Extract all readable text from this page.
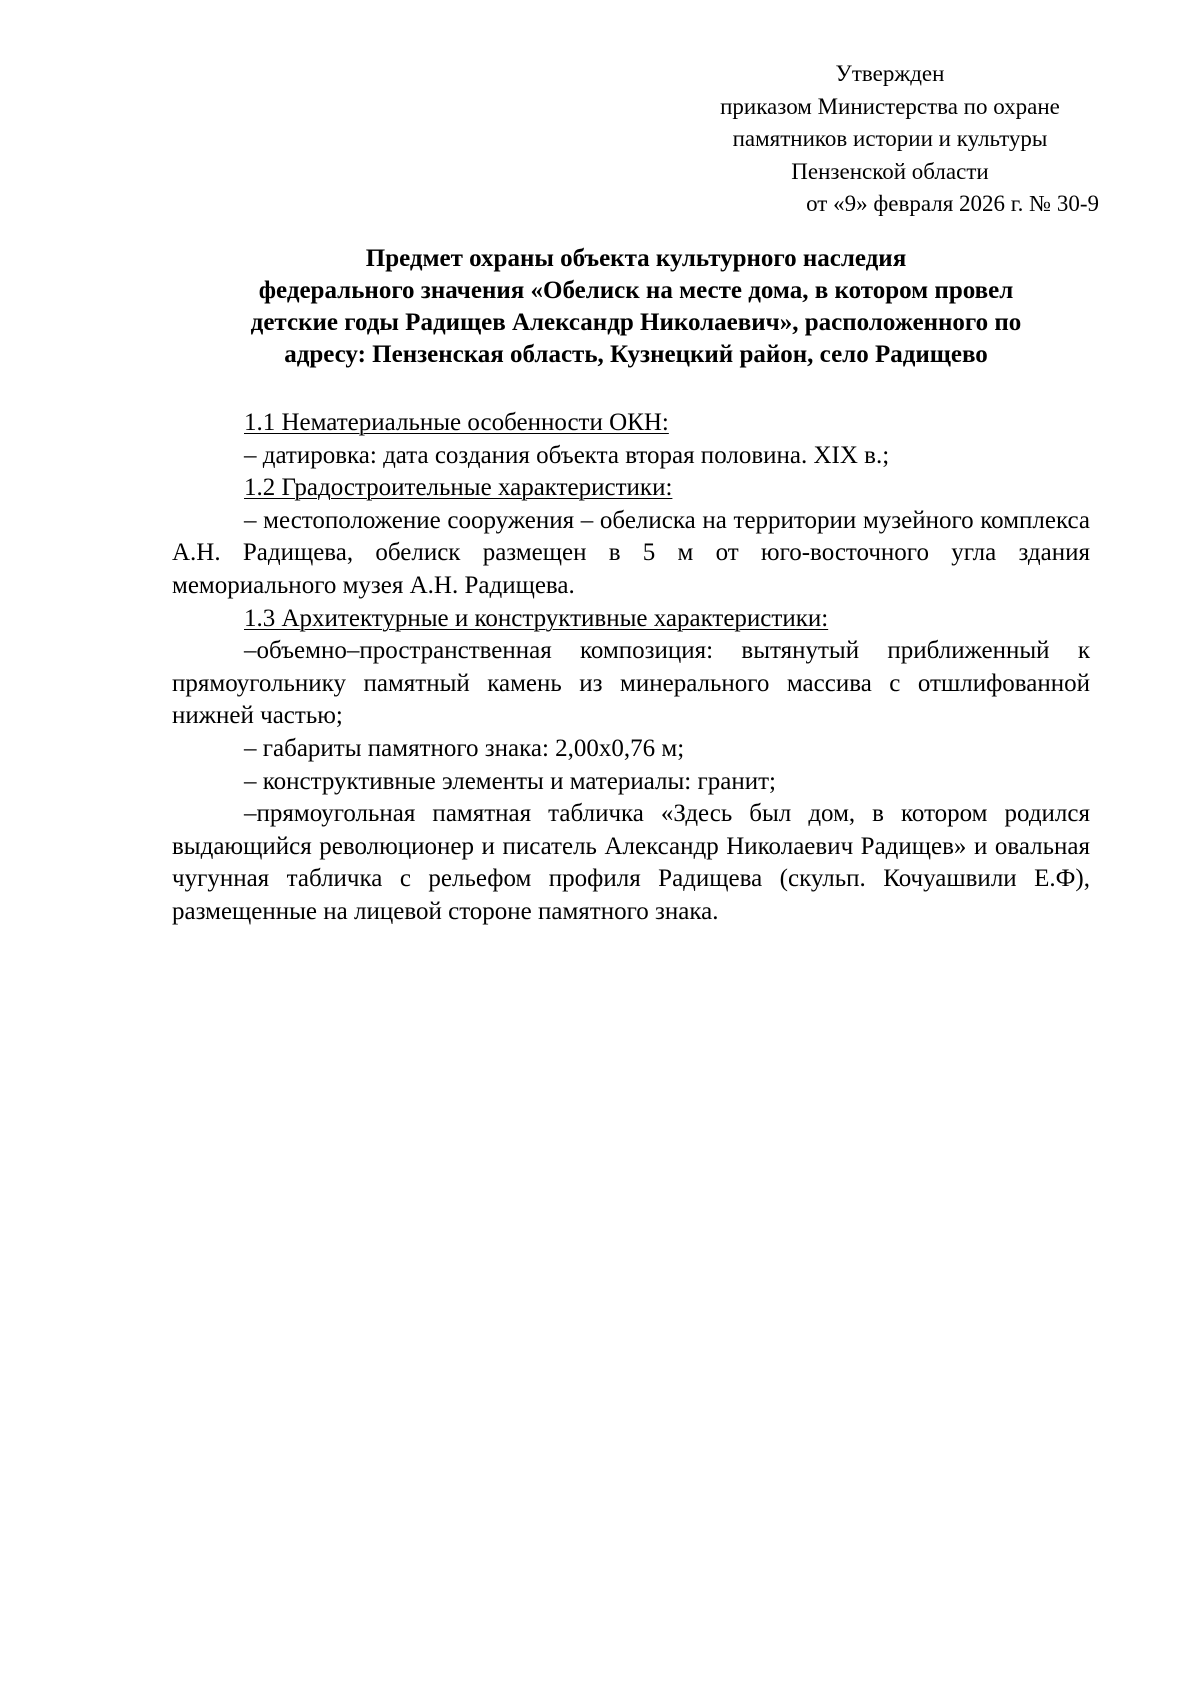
Утвержден
приказом Министерства по охране
памятников истории и культуры
Пензенской области
от «9» февраля 2026 г. № 30-9
Предмет охраны объекта культурного наследия
федерального значения «Обелиск на месте дома, в котором провел
детские годы Радищев Александр Николаевич», расположенного по
адресу: Пензенская область, Кузнецкий район, село Радищево

1.1 Нематериальные особенности ОКН:

– датировка: дата создания объекта вторая половина. XIX в.;

1.2 Градостроительные характеристики:

– местоположение сооружения – обелиска на территории музейного комплекса А.Н. Радищева, обелиск размещен в 5 м от юго-восточного угла здания мемориального музея А.Н. Радищева.

1.3 Архитектурные и конструктивные характеристики:

–объемно–пространственная композиция: вытянутый приближенный к прямоугольнику памятный камень из минерального массива с отшлифованной нижней частью;

– габариты памятного знака: 2,00х0,76 м;

– конструктивные элементы и материалы: гранит;

–прямоугольная памятная табличка «Здесь был дом, в котором родился выдающийся революционер и писатель Александр Николаевич Радищев» и овальная чугунная табличка с рельефом профиля Радищева (скульп. Кочуашвили Е.Ф), размещенные на лицевой стороне памятного знака.
